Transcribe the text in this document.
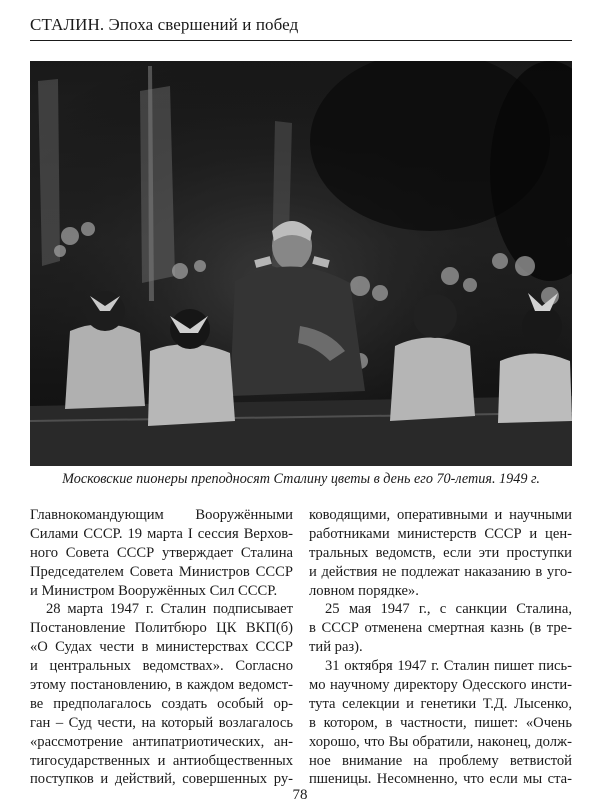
СТАЛИН. Эпоха свершений и побед
Московские пионеры преподносят Сталину цветы в день его 70-летия. 1949 г.
Главнокомандующим Вооружёнными
Силами СССР. 19 марта I сессия Верхов-
ного Совета СССР утверждает Сталина
Председателем Совета Министров СССР
и Министром Вооружённых Сил СССР.
28 марта 1947 г. Сталин подписывает
Постановление Политбюро ЦК ВКП(б)
«О Судах чести в министерствах СССР
и центральных ведомствах». Согласно
этому постановлению, в каждом ведомст-
ве предполагалось создать особый ор-
ган – Суд чести, на который возлагалось
«рассмотрение антипатриотических, ан-
тигосударственных и антиобщественных
поступков и действий, совершенных ру-
ководящими, оперативными и научными
работниками министерств СССР и цен-
тральных ведомств, если эти проступки
и действия не подлежат наказанию в уго-
ловном порядке».
25 мая 1947 г., с санкции Сталина,
в СССР отменена смертная казнь (в тре-
тий раз).
31 октября 1947 г. Сталин пишет пись-
мо научному директору Одесского инсти-
тута селекции и генетики Т.Д. Лысенко,
в котором, в частности, пишет: «Очень
хорошо, что Вы обратили, наконец, долж-
ное внимание на проблему ветвистой
пшеницы. Несомненно, что если мы ста-
78
